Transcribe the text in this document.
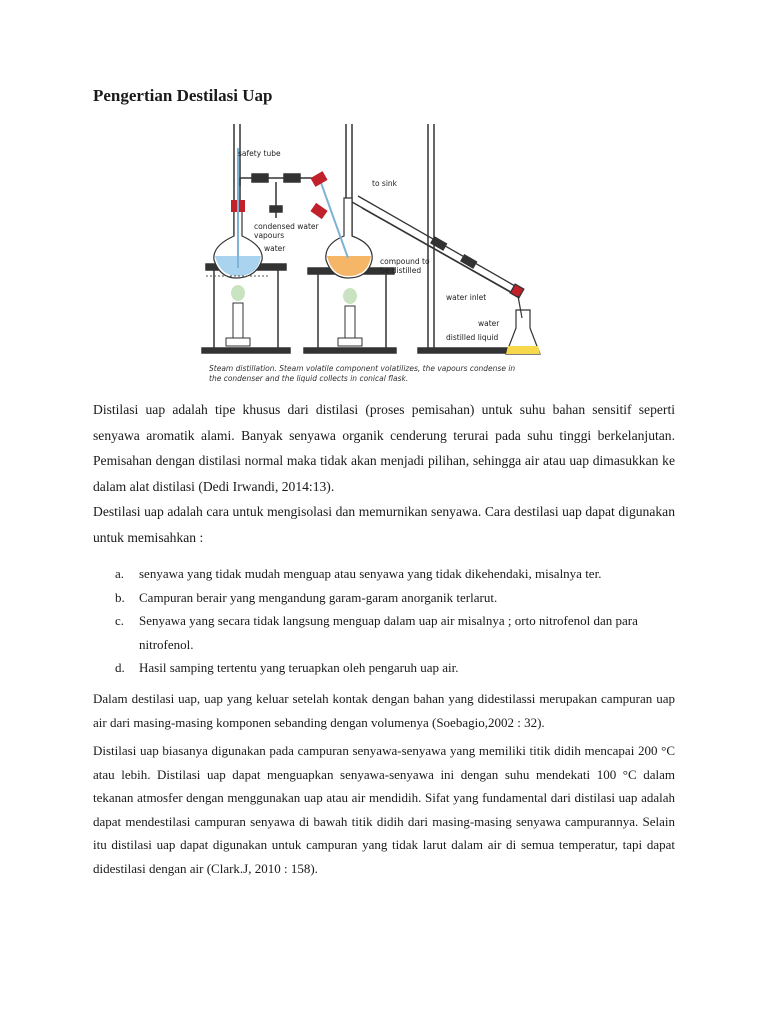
Pengertian Destilasi Uap
safety tube
to sink
condensed water
vapours
water
compound to
be distilled
water inlet
water
distilled liquid
Steam distillation. Steam volatile component volatilizes, the vapours condense in
the condenser and the liquid collects in conical flask.

Distilasi uap adalah tipe khusus dari distilasi (proses pemisahan) untuk suhu bahan sensitif seperti senyawa aromatik alami. Banyak senyawa organik cenderung terurai pada suhu tinggi berkelanjutan. Pemisahan dengan distilasi normal maka tidak akan menjadi pilihan, sehingga air atau uap dimasukkan ke dalam alat distilasi (Dedi Irwandi, 2014:13).

Destilasi uap adalah cara untuk mengisolasi dan memurnikan senyawa. Cara destilasi uap dapat digunakan untuk memisahkan :

a. senyawa yang tidak mudah menguap atau senyawa yang tidak dikehendaki, misalnya ter.
b. Campuran berair yang mengandung garam-garam anorganik terlarut.
c. Senyawa yang secara tidak langsung menguap dalam uap air misalnya ; orto nitrofenol dan para nitrofenol.
d. Hasil samping tertentu yang teruapkan oleh pengaruh uap air.

Dalam destilasi uap, uap yang keluar setelah kontak dengan bahan yang didestilassi merupakan campuran uap air dari masing-masing komponen sebanding dengan volumenya (Soebagio,2002 : 32).

Distilasi uap biasanya digunakan pada campuran senyawa-senyawa yang memiliki titik didih mencapai 200 °C atau lebih. Distilasi uap dapat menguapkan senyawa-senyawa ini dengan suhu mendekati 100 °C dalam tekanan atmosfer dengan menggunakan uap atau air mendidih. Sifat yang fundamental dari distilasi uap adalah dapat mendestilasi campuran senyawa di bawah titik didih dari masing-masing senyawa campurannya. Selain itu distilasi uap dapat digunakan untuk campuran yang tidak larut dalam air di semua temperatur, tapi dapat didestilasi dengan air (Clark.J, 2010 : 158).
